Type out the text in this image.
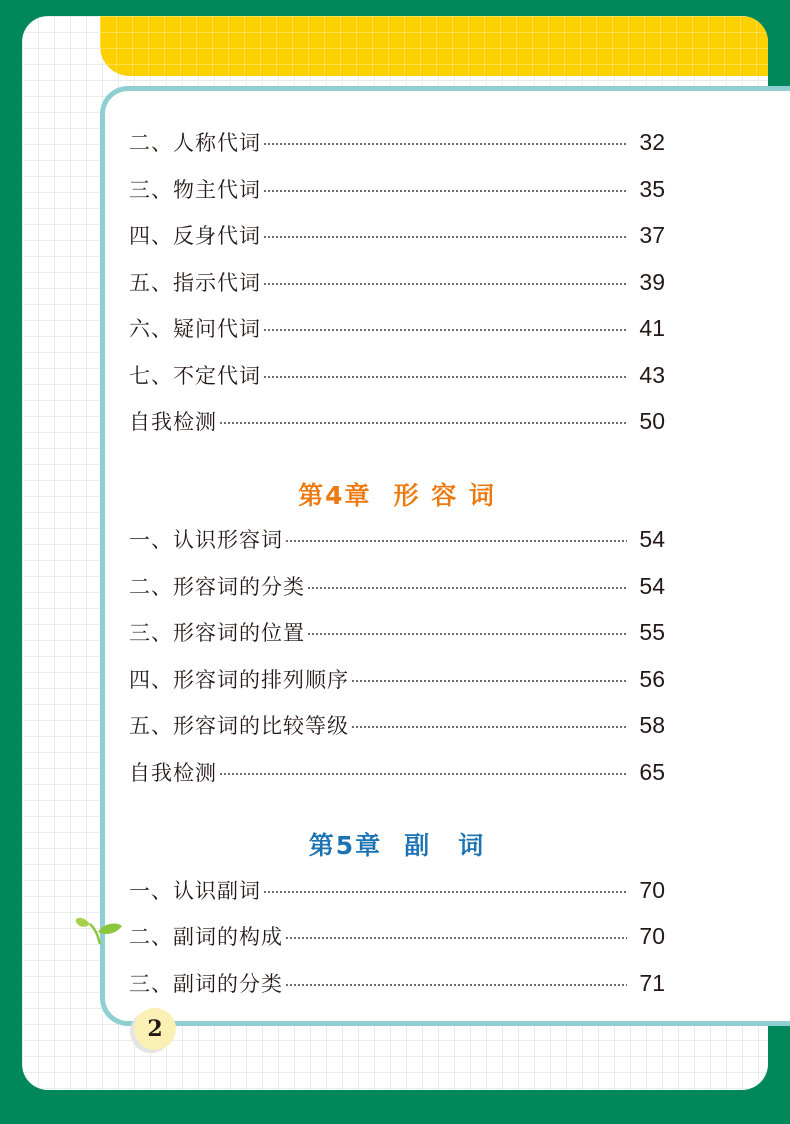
二、人称代词	32
三、物主代词	35
四、反身代词	37
五、指示代词	39
六、疑问代词	41
七、不定代词	43
自我检测	50
第4章 形 容 词
一、认识形容词	54
二、形容词的分类	54
三、形容词的位置	55
四、形容词的排列顺序	56
五、形容词的比较等级	58
自我检测	65
第5章 副　词
一、认识副词	70
二、副词的构成	70
三、副词的分类	71
2
